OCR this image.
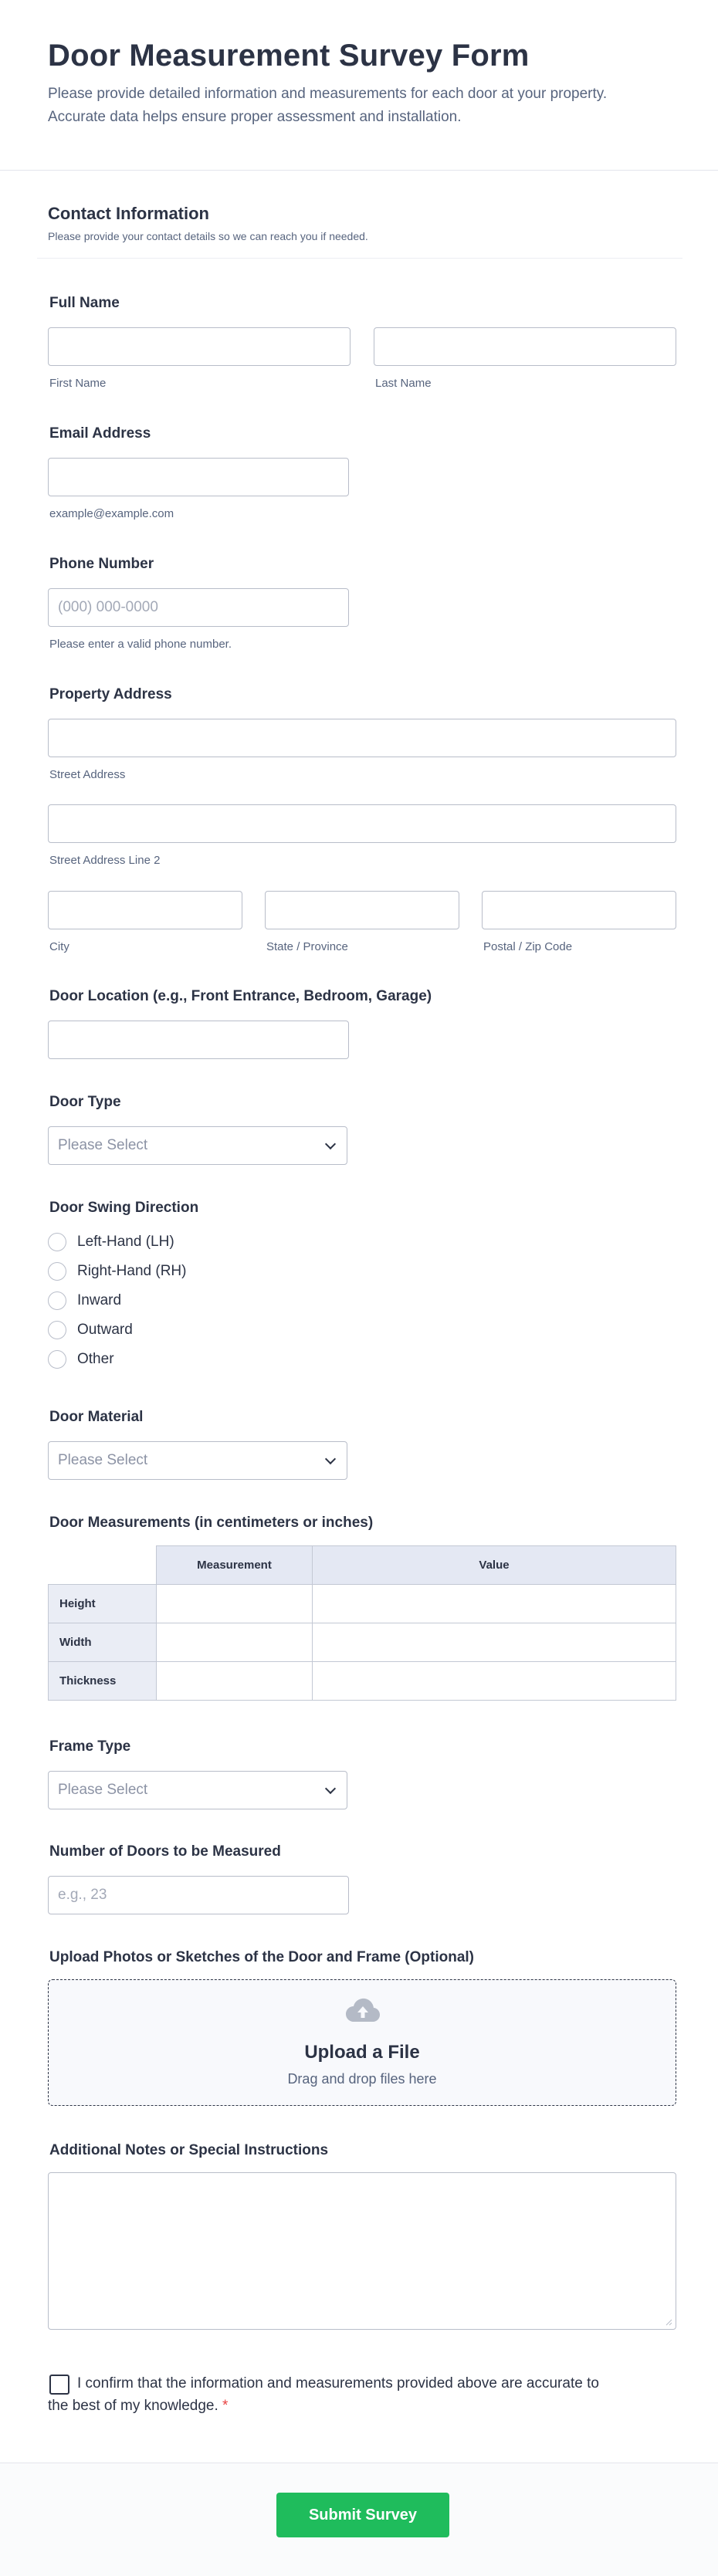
Door Measurement Survey Form

Please provide detailed information and measurements for each door at your property. Accurate data helps ensure proper assessment and installation.

Contact Information
Please provide your contact details so we can reach you if needed.
Full Name
First Name	Last Name
Email Address
example@example.com
Phone Number
(000) 000-0000
Please enter a valid phone number.
Property Address
Street Address
Street Address Line 2
City	State / Province	Postal / Zip Code
Door Location (e.g., Front Entrance, Bedroom, Garage)
Door Type
Please Select
Door Swing Direction
Left-Hand (LH)
Right-Hand (RH)
Inward
Outward
Other
Door Material
Please Select
Door Measurements (in centimeters or inches)
	Measurement	Value
Height		
Width		
Thickness		
Frame Type
Please Select
Number of Doors to be Measured
e.g., 23
Upload Photos or Sketches of the Door and Frame (Optional)
Upload a File
Drag and drop files here
Additional Notes or Special Instructions
I confirm that the information and measurements provided above are accurate to the best of my knowledge. *
Submit Survey
